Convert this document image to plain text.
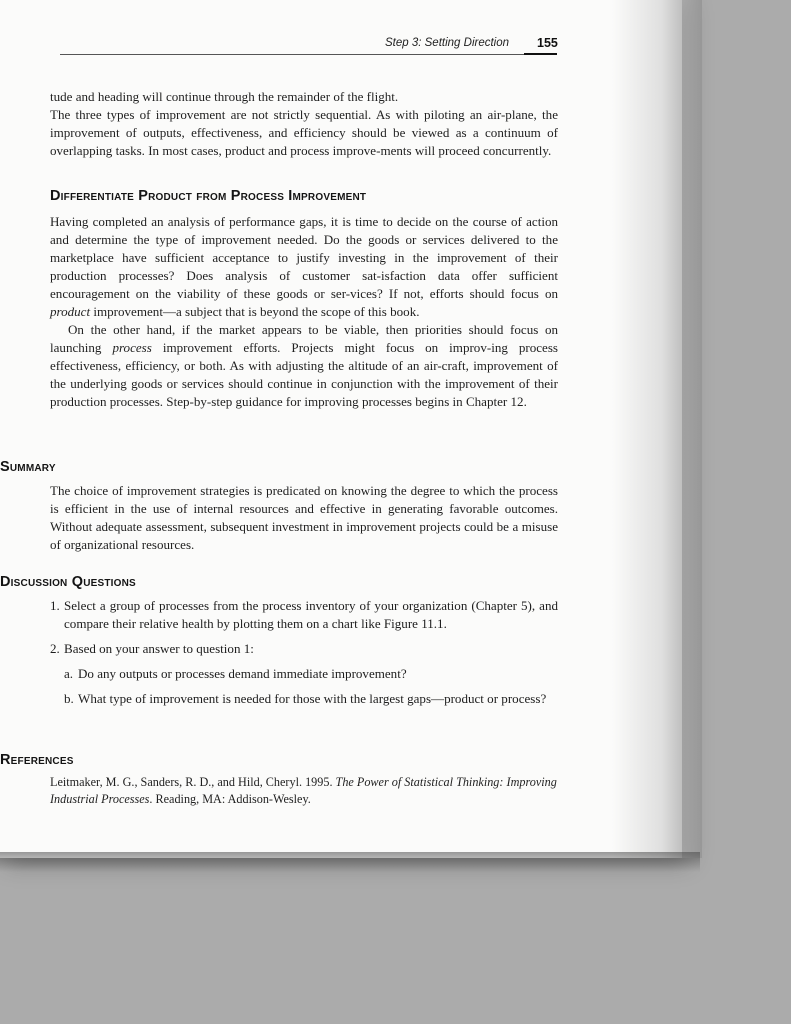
Step 3: Setting Direction 155

tude and heading will continue through the remainder of the flight.

The three types of improvement are not strictly sequential. As with piloting an air-plane, the improvement of outputs, effectiveness, and efficiency should be viewed as a continuum of overlapping tasks. In most cases, product and process improve-ments will proceed concurrently.

Differentiate Product from Process Improvement

Having completed an analysis of performance gaps, it is time to decide on the course of action and determine the type of improvement needed. Do the goods or services delivered to the marketplace have sufficient acceptance to justify investing in the improvement of their production processes? Does analysis of customer sat-isfaction data offer sufficient encouragement on the viability of these goods or ser-vices? If not, efforts should focus on product improvement—a subject that is beyond the scope of this book.

On the other hand, if the market appears to be viable, then priorities should focus on launching process improvement efforts. Projects might focus on improv-ing process effectiveness, efficiency, or both. As with adjusting the altitude of an air-craft, improvement of the underlying goods or services should continue in conjunction with the improvement of their production processes. Step-by-step guidance for improving processes begins in Chapter 12.

Summary

The choice of improvement strategies is predicated on knowing the degree to which the process is efficient in the use of internal resources and effective in generating favorable outcomes. Without adequate assessment, subsequent investment in improvement projects could be a misuse of organizational resources.

Discussion Questions
1. Select a group of processes from the process inventory of your organization (Chapter 5), and compare their relative health by plotting them on a chart like Figure 11.1.
2. Based on your answer to question 1:
a. Do any outputs or processes demand immediate improvement?
b. What type of improvement is needed for those with the largest gaps—product or process?
References

Leitmaker, M. G., Sanders, R. D., and Hild, Cheryl. 1995. The Power of Statistical Thinking: Improving Industrial Processes. Reading, MA: Addison-Wesley.
